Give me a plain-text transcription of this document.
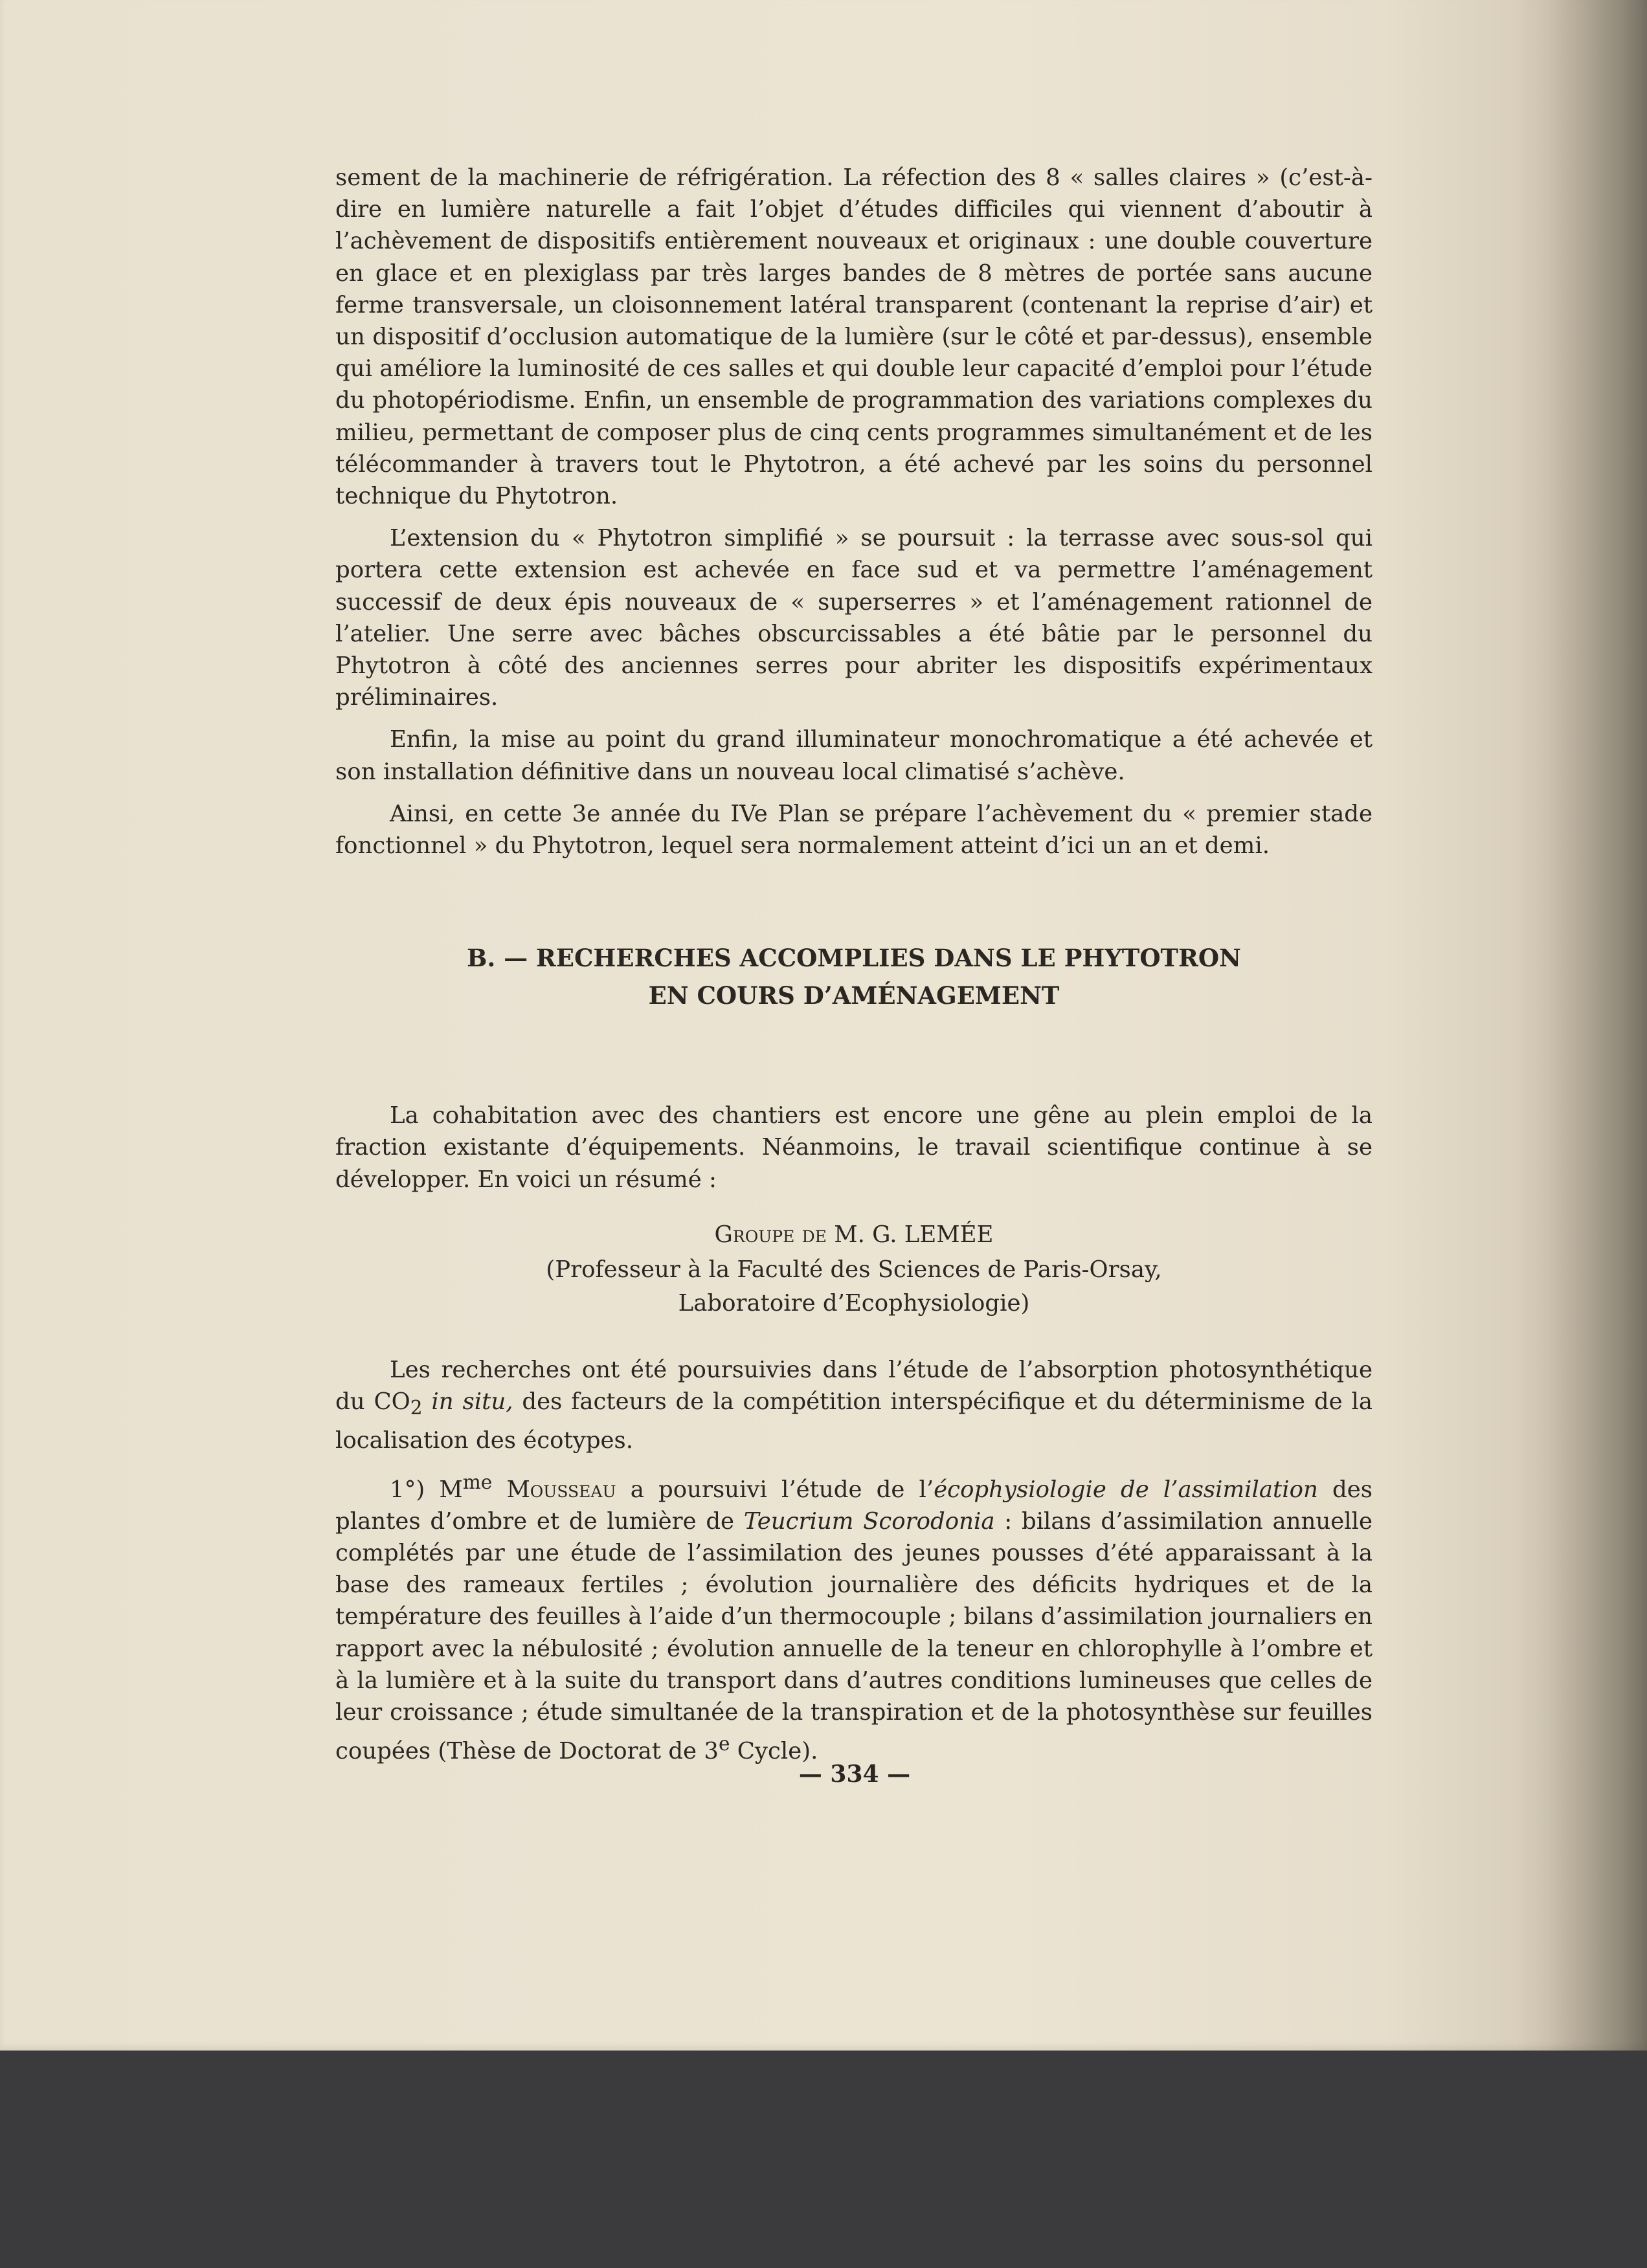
sement de la machinerie de réfrigération. La réfection des 8 « salles claires » (c’est-à-dire en lumière naturelle a fait l’objet d’études difficiles qui viennent d’aboutir à l’achèvement de dispositifs entièrement nouveaux et originaux : une double couverture en glace et en plexiglass par très larges bandes de 8 mètres de portée sans aucune ferme transversale, un cloisonnement latéral transparent (contenant la reprise d’air) et un dispositif d’occlusion automatique de la lumière (sur le côté et par-dessus), ensemble qui améliore la luminosité de ces salles et qui double leur capacité d’emploi pour l’étude du photopériodisme. Enfin, un ensemble de programmation des variations complexes du milieu, permettant de composer plus de cinq cents programmes simultanément et de les télécommander à travers tout le Phytotron, a été achevé par les soins du personnel technique du Phytotron.

L’extension du « Phytotron simplifié » se poursuit : la terrasse avec sous-sol qui portera cette extension est achevée en face sud et va permettre l’aménagement successif de deux épis nouveaux de « superserres » et l’aménagement rationnel de l’atelier. Une serre avec bâches obscurcissables a été bâtie par le personnel du Phytotron à côté des anciennes serres pour abriter les dispositifs expérimentaux préliminaires.

Enfin, la mise au point du grand illuminateur monochromatique a été achevée et son installation définitive dans un nouveau local climatisé s’achève.

Ainsi, en cette 3e année du IVe Plan se prépare l’achèvement du « premier stade fonctionnel » du Phytotron, lequel sera normalement atteint d’ici un an et demi.

B. — RECHERCHES ACCOMPLIES DANS LE PHYTOTRON
EN COURS D’AMÉNAGEMENT

La cohabitation avec des chantiers est encore une gêne au plein emploi de la fraction existante d’équipements. Néanmoins, le travail scientifique continue à se développer. En voici un résumé :

Groupe de M. G. LEMÉE

(Professeur à la Faculté des Sciences de Paris-Orsay,
Laboratoire d’Ecophysiologie)

Les recherches ont été poursuivies dans l’étude de l’absorption photosynthétique du $CO_2$ in situ, des facteurs de la compétition interspécifique et du déterminisme de la localisation des écotypes.

1°) $M^{me}$ Mousseau a poursuivi l’étude de l’écophysiologie de l’assimilation des plantes d’ombre et de lumière de Teucrium Scorodonia : bilans d’assimilation annuelle complétés par une étude de l’assimilation des jeunes pousses d’été apparaissant à la base des rameaux fertiles ; évolution journalière des déficits hydriques et de la température des feuilles à l’aide d’un thermocouple ; bilans d’assimilation journaliers en rapport avec la nébulosité ; évolution annuelle de la teneur en chlorophylle à l’ombre et à la lumière et à la suite du transport dans d’autres conditions lumineuses que celles de leur croissance ; étude simultanée de la transpiration et de la photosynthèse sur feuilles coupées (Thèse de Doctorat de 3e Cycle).

— 334 —
